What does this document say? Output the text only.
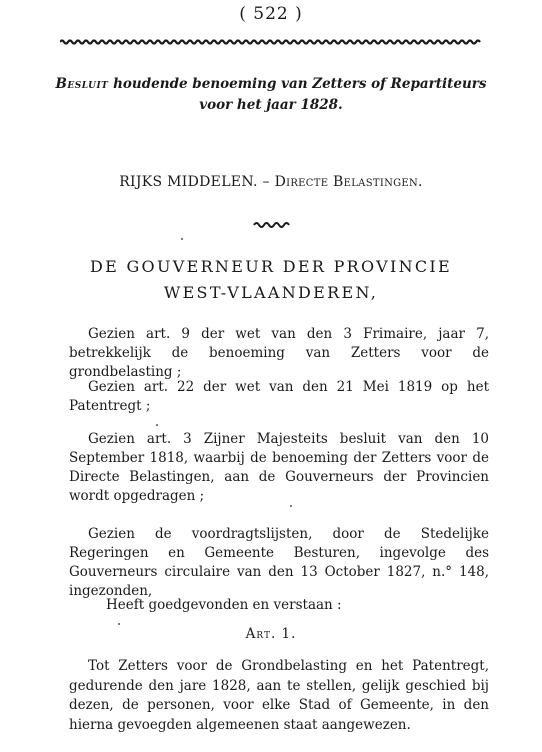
( 522 )
Besluit houdende benoeming van Zetters of Repartiteurs
voor het jaar 1828.
RIJKS MIDDELEN. – Directe Belastingen.
DE GOUVERNEUR DER PROVINCIE
WEST-VLAANDEREN,
Gezien art. 9 der wet van den 3 Frimaire, jaar 7, betrekkelijk de benoeming van Zetters voor de grondbelasting ;
Gezien art. 22 der wet van den 21 Mei 1819 op het Patentregt ;
Gezien art. 3 Zijner Majesteits besluit van den 10 September 1818, waarbij de benoeming der Zetters voor de Directe Belastingen, aan de Gouverneurs der Provincien wordt opgedragen ;
Gezien de voordragtslijsten, door de Stedelijke Regeringen en Gemeente Besturen, ingevolge des Gouverneurs circulaire van den 13 October 1827, n.° 148, ingezonden,
Heeft goedgevonden en verstaan :
Art. 1.
Tot Zetters voor de Grondbelasting en het Patentregt, gedurende den jare 1828, aan te stellen, gelijk geschied bij dezen, de personen, voor elke Stad of Gemeente, in den hierna gevoegden algemeenen staat aangewezen.
